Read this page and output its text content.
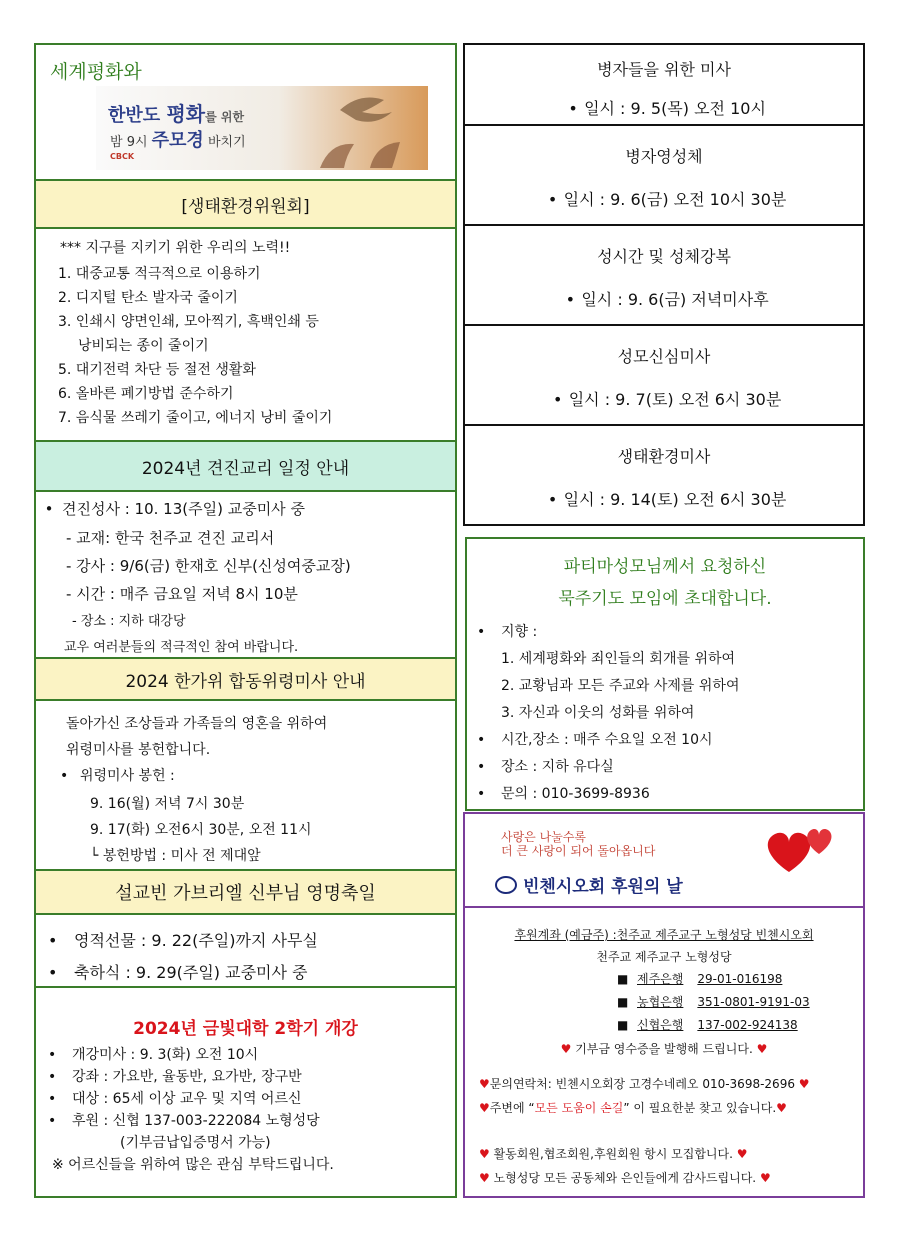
세계평화와
한반도 평화를 위한
밤 9시 주모경 바치기
CBCK
[생태환경위원회]
*** 지구를 지키기 위한 우리의 노력!!
1. 대중교통 적극적으로 이용하기
2. 디지털 탄소 발자국 줄이기
3. 인쇄시 양면인쇄, 모아찍기, 흑백인쇄 등
낭비되는 종이 줄이기
5. 대기전력 차단 등 절전 생활화
6. 올바른 폐기방법 준수하기
7. 음식물 쓰레기 줄이고, 에너지 낭비 줄이기
2024년 견진교리 일정 안내
• 견진성사 : 10. 13(주일) 교중미사 중
- 교재: 한국 천주교 견진 교리서
- 강사 : 9/6(금) 한재호 신부(신성여중교장)
- 시간 : 매주 금요일 저녁 8시 10분
- 장소 : 지하 대강당
교우 여러분들의 적극적인 참여 바랍니다.
2024 한가위 합동위령미사 안내
돌아가신 조상들과 가족들의 영혼을 위하여
위령미사를 봉헌합니다.
• 위령미사 봉헌 :
9. 16(월) 저녁 7시 30분
9. 17(화) 오전6시 30분, 오전 11시
└ 봉헌방법 : 미사 전 제대앞
설교빈 가브리엘 신부님 영명축일
• 영적선물 : 9. 22(주일)까지 사무실
• 축하식 : 9. 29(주일) 교중미사 중
2024년 금빛대학 2학기 개강
• 개강미사 : 9. 3(화) 오전 10시
• 강좌 : 가요반, 율동반, 요가반, 장구반
• 대상 : 65세 이상 교우 및 지역 어르신
• 후원 : 신협 137-003-222084 노형성당
(기부금납입증명서 가능)
※ 어르신들을 위하여 많은 관심 부탁드립니다.
병자들을 위한 미사
• 일시 : 9. 5(목) 오전 10시
병자영성체
• 일시 : 9. 6(금) 오전 10시 30분
성시간 및 성체강복
• 일시 : 9. 6(금) 저녁미사후
성모신심미사
• 일시 : 9. 7(토) 오전 6시 30분
생태환경미사
• 일시 : 9. 14(토) 오전 6시 30분
파티마성모님께서 요청하신
묵주기도 모임에 초대합니다.
• 지향 :
1. 세계평화와 죄인들의 회개를 위하여
2. 교황님과 모든 주교와 사제를 위하여
3. 자신과 이웃의 성화를 위하여
• 시간,장소 : 매주 수요일 오전 10시
• 장소 : 지하 유다실
• 문의 : 010-3699-8936
사랑은 나눌수록
더 큰 사랑이 되어 돌아옵니다
빈첸시오회 후원의 날
후원계좌 (예금주) :천주교 제주교구 노형성당 빈첸시오회
천주교 제주교구 노형성당
■ 제주은행 29-01-016198
■ 농협은행 351-0801-9191-03
■ 신협은행 137-002-924138
♥ 기부금 영수증을 발행해 드립니다. ♥
♥문의연락처: 빈첸시오회장 고경수네레오 010-3698-2696 ♥
♥주변에 “모든 도움이 손길” 이 필요한분 찾고 있습니다.♥
♥ 활동회원,협조회원,후원회원 항시 모집합니다. ♥
♥ 노형성당 모든 공동체와 은인들에게 감사드립니다. ♥
